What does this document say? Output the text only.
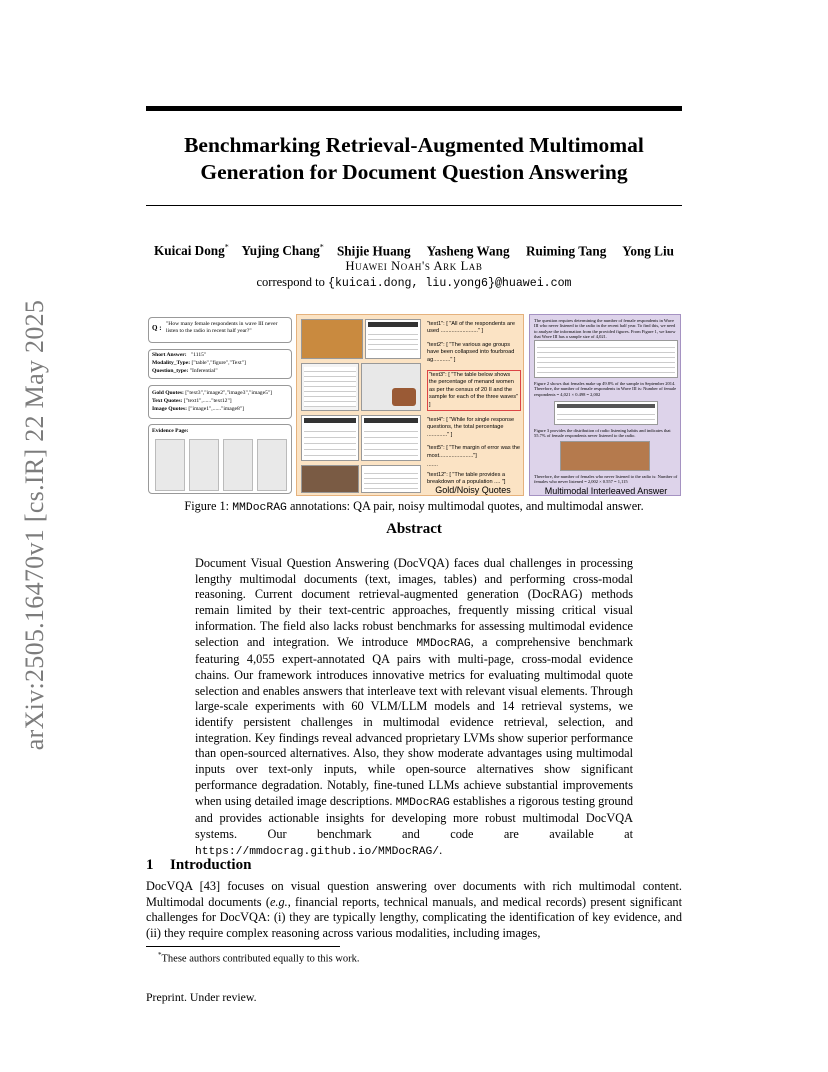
arXiv:2505.16470v1 [cs.IR] 22 May 2025
Benchmarking Retrieval-Augmented Multimomal Generation for Document Question Answering
Kuicai Dong* Yujing Chang* Shijie Huang Yasheng Wang Ruiming Tang Yong Liu
Huawei Noah's Ark Lab
correspond to {kuicai.dong, liu.yong6}@huawei.com
Q : "How many female respondents in wave III never listen to the radio in recent half year?"
Short Answer: "1115"
Modality_Type: ["table","figure","Text"]
Question_type: "Inferential"
Gold Quotes: ["text3","image2","image3","image5"]
Text Quotes: ["text1",......"text12"]
Image Quotes: ["image1",......"image8"]
Evidence Page:
"text1": [ "All of the respondents are used ........................" ]
"text2": [ "The various age groups have been collapsed into fourbroad ag..........." ]
"text3": [ "The table below shows the percentage of menand women as per the census of 20 II and the sample for each of the three waves" ]
"text4": [ "While for single response questions, the total percentage ............." ]
"text5": [ "The margin of error was the most......................"]
.......
"text12": [ "The table provides a breakdown of a population .... "]
Gold/Noisy Quotes
The question requires determining the number of female respondents in Wave III who never listened to the radio in the recent half year. To find this, we need to analyze the information from the provided figures. From Figure 1, we know that Wave III has a sample size of 4,021.
Figure 2 shows that females make up 49.8% of the sample in September 2014. Therefore, the number of female respondents in Wave III is: Number of female respondents = 4,021 × 0.498 = 2,002
Figure 3 provides the distribution of radio listening habits and indicates that 55.7% of female respondents never listened to the radio.
Therefore, the number of females who never listened to the radio is: Number of females who never listened = 2,002 × 0.557 = 1,115
Multimodal Interleaved Answer
Figure 1: MMDocRAG annotations: QA pair, noisy multimodal quotes, and multimodal answer.
Abstract
Document Visual Question Answering (DocVQA) faces dual challenges in processing lengthy multimodal documents (text, images, tables) and performing cross-modal reasoning. Current document retrieval-augmented generation (DocRAG) methods remain limited by their text-centric approaches, frequently missing critical visual information. The field also lacks robust benchmarks for assessing multimodal evidence selection and integration. We introduce MMDocRAG, a comprehensive benchmark featuring 4,055 expert-annotated QA pairs with multi-page, cross-modal evidence chains. Our framework introduces innovative metrics for evaluating multimodal quote selection and enables answers that interleave text with relevant visual elements. Through large-scale experiments with 60 VLM/LLM models and 14 retrieval systems, we identify persistent challenges in multimodal evidence retrieval, selection, and integration. Key findings reveal advanced proprietary LVMs show superior performance than open-sourced alternatives. Also, they show moderate advantages using multimodal inputs over text-only inputs, while open-source alternatives show significant performance degradation. Notably, fine-tuned LLMs achieve substantial improvements when using detailed image descriptions. MMDocRAG establishes a rigorous testing ground and provides actionable insights for developing more robust multimodal DocVQA systems. Our benchmark and code are available at https://mmdocrag.github.io/MMDocRAG/.
1 Introduction
DocVQA [43] focuses on visual question answering over documents with rich multimodal content. Multimodal documents (e.g., financial reports, technical manuals, and medical records) present significant challenges for DocVQA: (i) they are typically lengthy, complicating the identification of key evidence, and (ii) they require complex reasoning across various modalities, including images,
*These authors contributed equally to this work.
Preprint. Under review.
